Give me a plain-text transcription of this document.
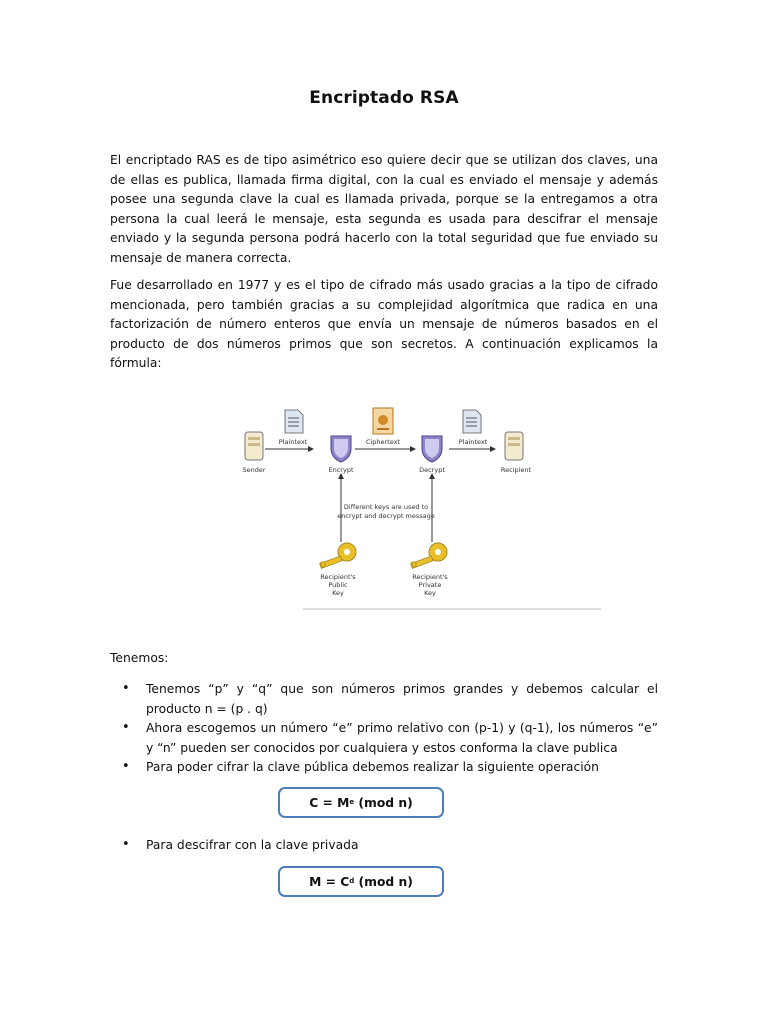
Encriptado RSA

El encriptado RAS es de tipo asimétrico eso quiere decir que se utilizan dos claves, una de ellas es publica, llamada firma digital, con la cual es enviado el mensaje y además posee una segunda clave la cual es llamada privada, porque se la entregamos a otra persona la cual leerá le mensaje, esta segunda es usada para descifrar el mensaje enviado y la segunda persona podrá hacerlo con la total seguridad que fue enviado su mensaje de manera correcta.

Fue desarrollado en 1977 y es el tipo de cifrado más usado gracias a la tipo de cifrado mencionada, pero también gracias a su complejidad algorítmica que radica en una factorización de número enteros que envía un mensaje de números basados en el producto de dos números primos que son secretos. A continuación explicamos la fórmula:

Plaintext	Ciphertext	Plaintext
Sender	Encrypt	Decrypt	Recipient
Different keys are used to
encrypt and decrypt message
Recipient's
Public
Key
Recipient's
Private
Key
Tenemos:
• Tenemos “p” y “q” que son números primos grandes y debemos calcular el producto n = (p . q)
• Ahora escogemos un número “e” primo relativo con (p-1) y (q-1), los números “e” y “n” pueden ser conocidos por cualquiera y estos conforma la clave publica
• Para poder cifrar la clave pública debemos realizar la siguiente operación
$C = M^e$ (mod n)
• Para descifrar con la clave privada
$M = C^d$ (mod n)
